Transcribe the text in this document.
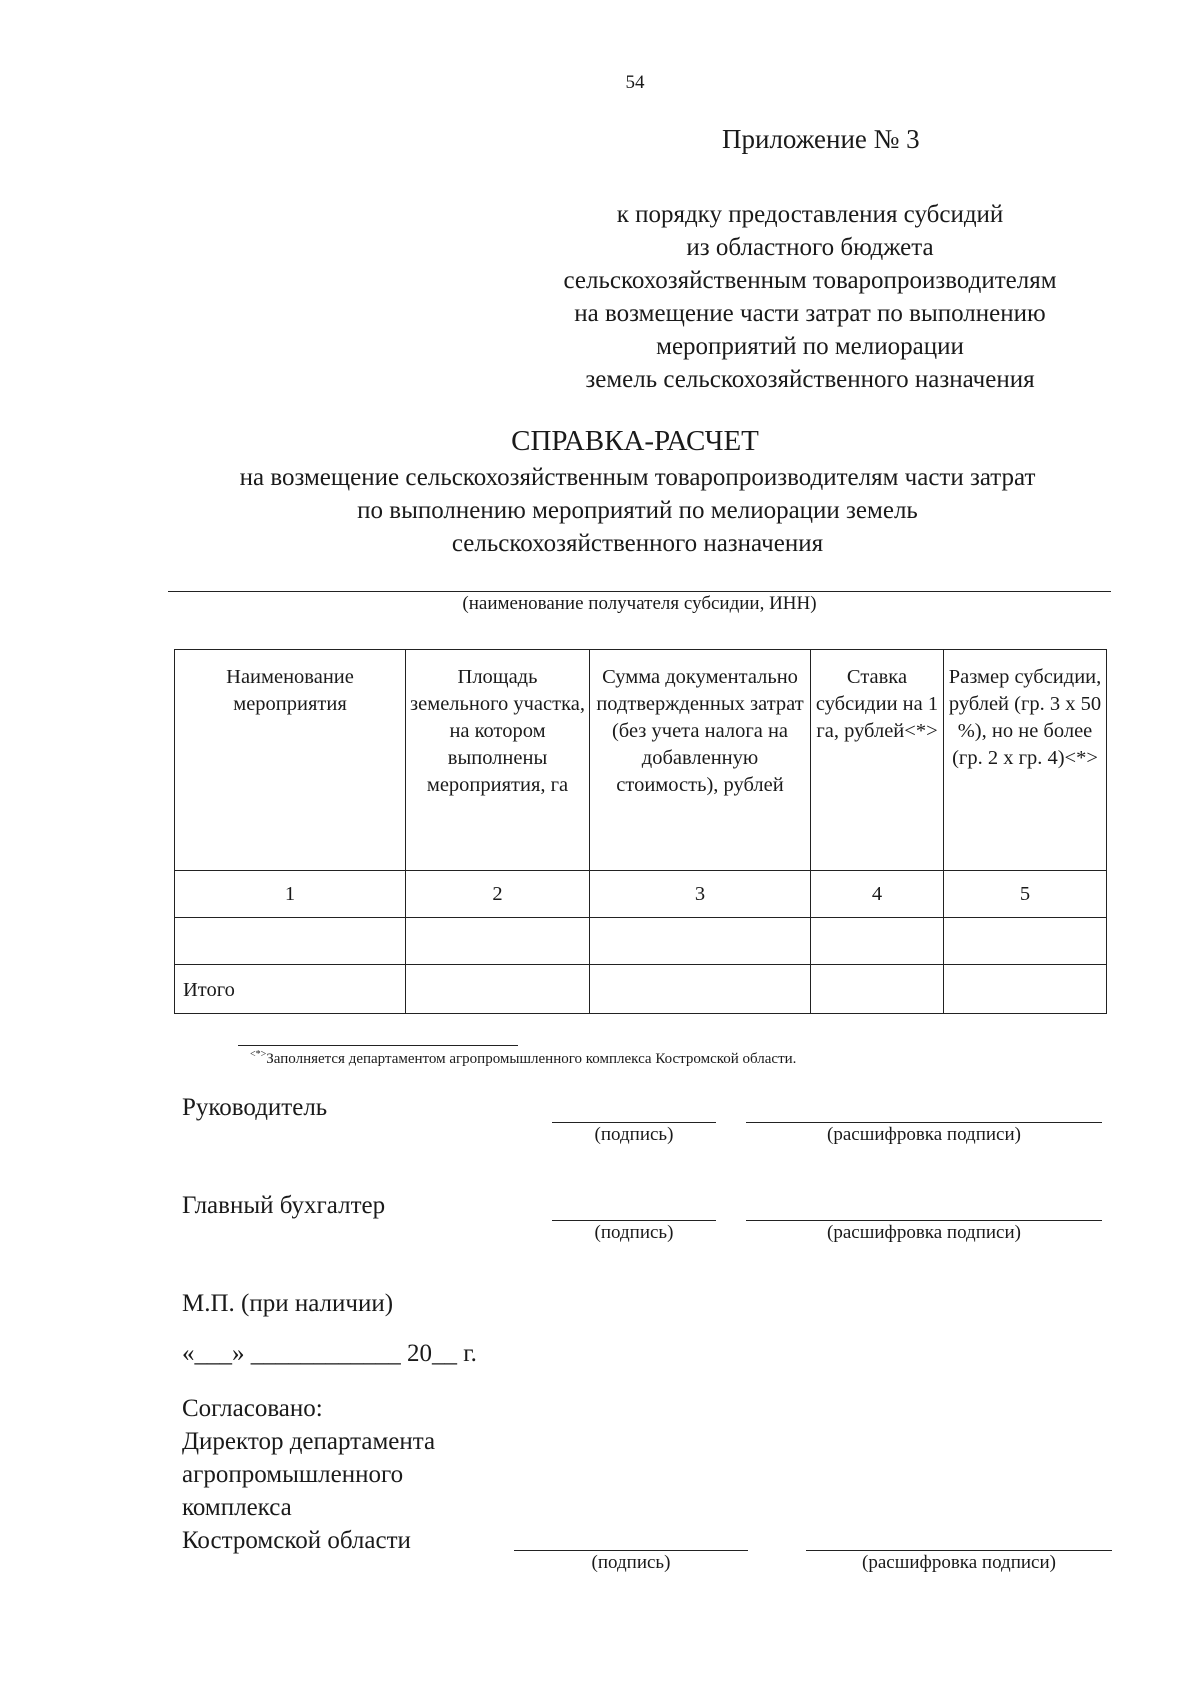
54
Приложение № 3
к порядку предоставления субсидий
из областного бюджета
сельскохозяйственным товаропроизводителям
на возмещение части затрат по выполнению
мероприятий по мелиорации
земель сельскохозяйственного назначения
СПРАВКА-РАСЧЕТ
на возмещение сельскохозяйственным товаропроизводителям части затрат
по выполнению мероприятий по мелиорации земель
сельскохозяйственного назначения
(наименование получателя субсидии, ИНН)
Наименование мероприятия	Площадь земельного участка, на котором выполнены мероприятия, га	Сумма документально подтвержденных затрат (без учета налога на добавленную стоимость), рублей	Ставка субсидии на 1 га, рублей<*>	Размер субсидии, рублей (гр. 3 х 50 %), но не более (гр. 2 х гр. 4)<*>
1	2	3	4	5

Итого				
<*>Заполняется департаментом агропромышленного комплекса Костромской области.
Руководитель
(подпись)	(расшифровка подписи)
Главный бухгалтер
(подпись)	(расшифровка подписи)
М.П. (при наличии)
«___» ____________ 20__ г.
Согласовано:
Директор департамента
агропромышленного
комплекса
Костромской области
(подпись)	(расшифровка подписи)
